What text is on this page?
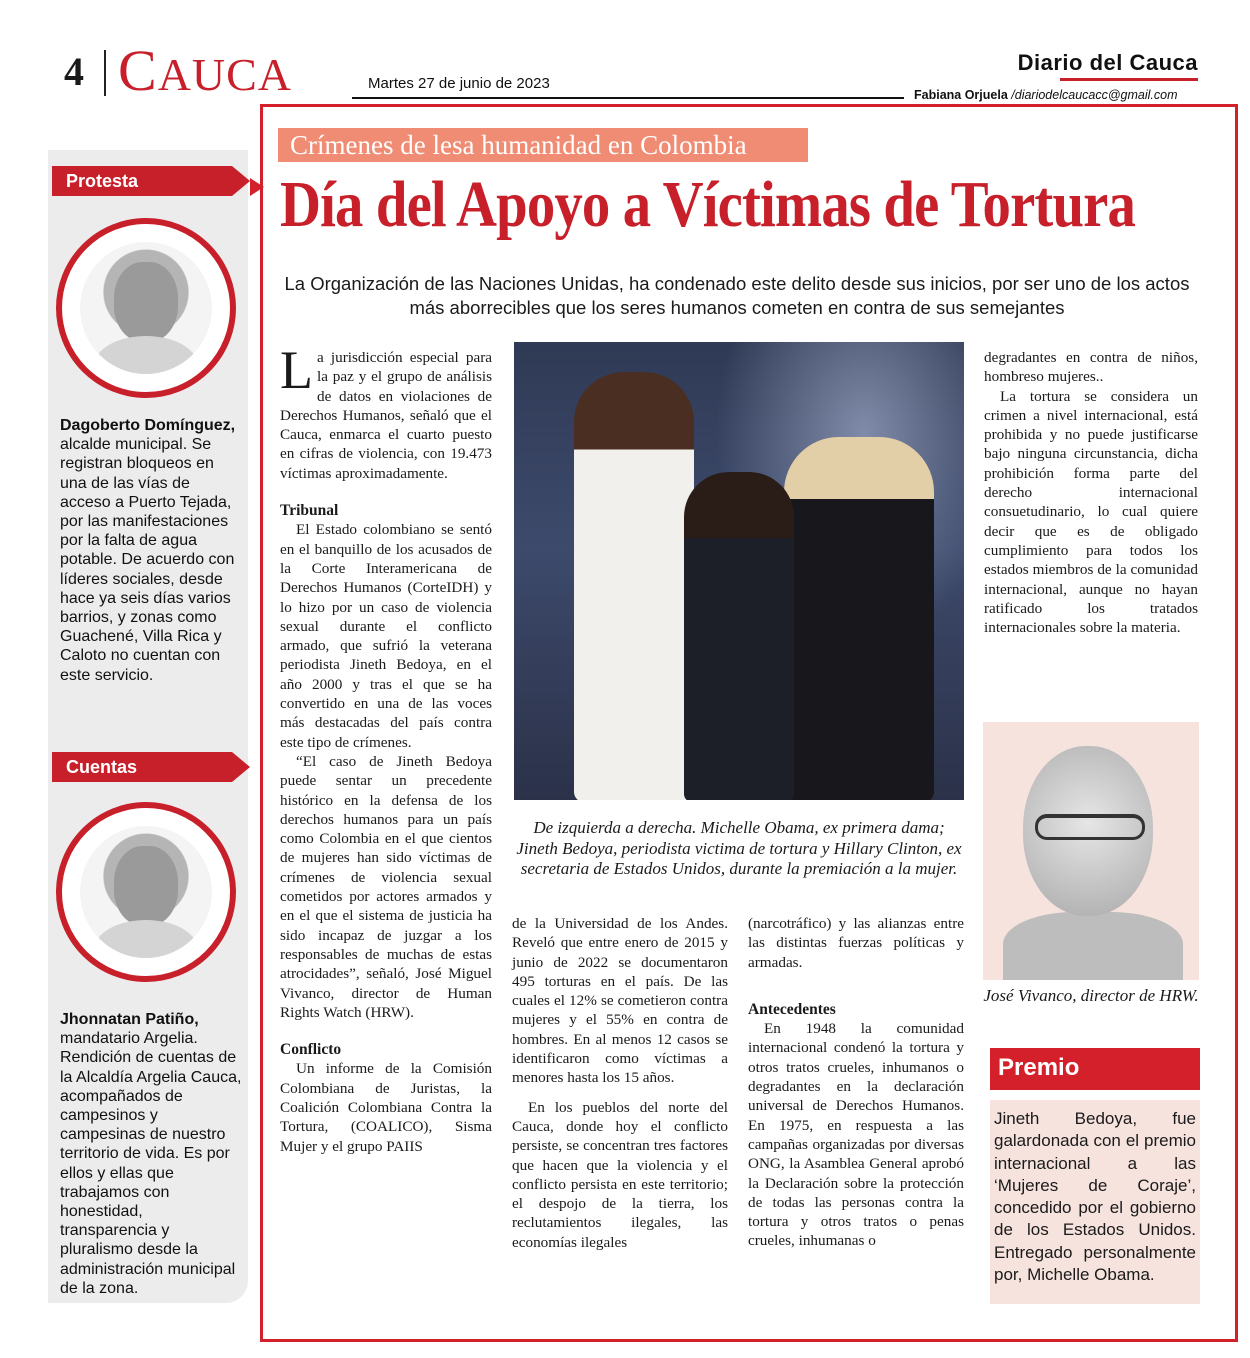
4 CAUCA	Martes 27 de junio de 2023
Diario del Cauca
Fabiana Orjuela /diariodelcaucacc@gmail.com
Protesta
Dagoberto Domínguez, alcalde municipal. Se registran bloqueos en una de las vías de acceso a Puerto Tejada, por las manifestaciones por la falta de agua potable. De acuerdo con líderes sociales, desde hace ya seis días varios barrios, y zonas como Guachené, Villa Rica y Caloto no cuentan con este servicio.
Cuentas
Jhonnatan Patiño, mandatario Argelia. Rendición de cuentas de la Alcaldía Argelia Cauca, acompañados de campesinos y campesinas de nuestro territorio de vida. Es por ellos y ellas que trabajamos con honestidad, transparencia y pluralismo desde la administración municipal de la zona.
Crímenes de lesa humanidad en Colombia
Día del Apoyo a Víctimas de Tortura
La Organización de las Naciones Unidas, ha condenado este delito desde sus inicios, por ser uno de los actos más aborrecibles que los seres humanos cometen en contra de sus semejantes

La jurisdicción especial para la paz y el grupo de análisis de datos en violaciones de Derechos Humanos, señaló que el Cauca, enmarca el cuarto puesto en cifras de violencia, con 19.473 víctimas aproximadamente.

Tribunal

El Estado colombiano se sentó en el banquillo de los acusados de la Corte Interamericana de Derechos Humanos (CorteIDH) y lo hizo por un caso de violencia sexual durante el conflicto armado, que sufrió la veterana periodista Jineth Bedoya, en el año 2000 y tras el que se ha convertido en una de las voces más destacadas del país contra este tipo de crímenes.

“El caso de Jineth Bedoya puede sentar un precedente histórico en la defensa de los derechos humanos para un país como Colombia en el que cientos de mujeres han sido víctimas de crímenes de violencia sexual cometidos por actores armados y en el que el sistema de justicia ha sido incapaz de juzgar a los responsables de muchas de estas atrocidades”, señaló, José Miguel Vivanco, director de Human Rights Watch (HRW).

Conflicto

Un informe de la Comisión Colombiana de Juristas, la Coalición Colombiana Contra la Tortura, (COALICO), Sisma Mujer y el grupo PAIIS

De izquierda a derecha. Michelle Obama, ex primera dama; Jineth Bedoya, periodista victima de tortura y Hillary Clinton, ex secretaria de Estados Unidos, durante la premiación a la mujer.

de la Universidad de los Andes. Reveló que entre enero de 2015 y junio de 2022 se documentaron 495 torturas en el país. De las cuales el 12% se cometieron contra mujeres y el 55% en contra de hombres. En al menos 12 casos se identificaron como víctimas a menores hasta los 15 años.

En los pueblos del norte del Cauca, donde hoy el conflicto persiste, se concentran tres factores que hacen que la violencia y el conflicto persista en este territorio; el despojo de la tierra, los reclutamientos ilegales, las economías ilegales

(narcotráfico) y las alianzas entre las distintas fuerzas políticas y armadas.

Antecedentes

En 1948 la comunidad internacional condenó la tortura y otros tratos crueles, inhumanos o degradantes en la declaración universal de Derechos Humanos. En 1975, en respuesta a las campañas organizadas por diversas ONG, la Asamblea General aprobó la Declaración sobre la protección de todas las personas contra la tortura y otros tratos o penas crueles, inhumanas o

degradantes en contra de niños, hombreso mujeres..

La tortura se considera un crimen a nivel internacional, está prohibida y no puede justificarse bajo ninguna circunstancia, dicha prohibición forma parte del derecho internacional consuetudinario, lo cual quiere decir que es de obligado cumplimiento para todos los estados miembros de la comunidad internacional, aunque no hayan ratificado los tratados internacionales sobre la materia.

José Vivanco, director de HRW.
Premio
Jineth Bedoya, fue galardonada con el premio internacional a las ‘Mujeres de Coraje’, concedido por el gobierno de los Estados Unidos. Entregado personalmente por, Michelle Obama.
